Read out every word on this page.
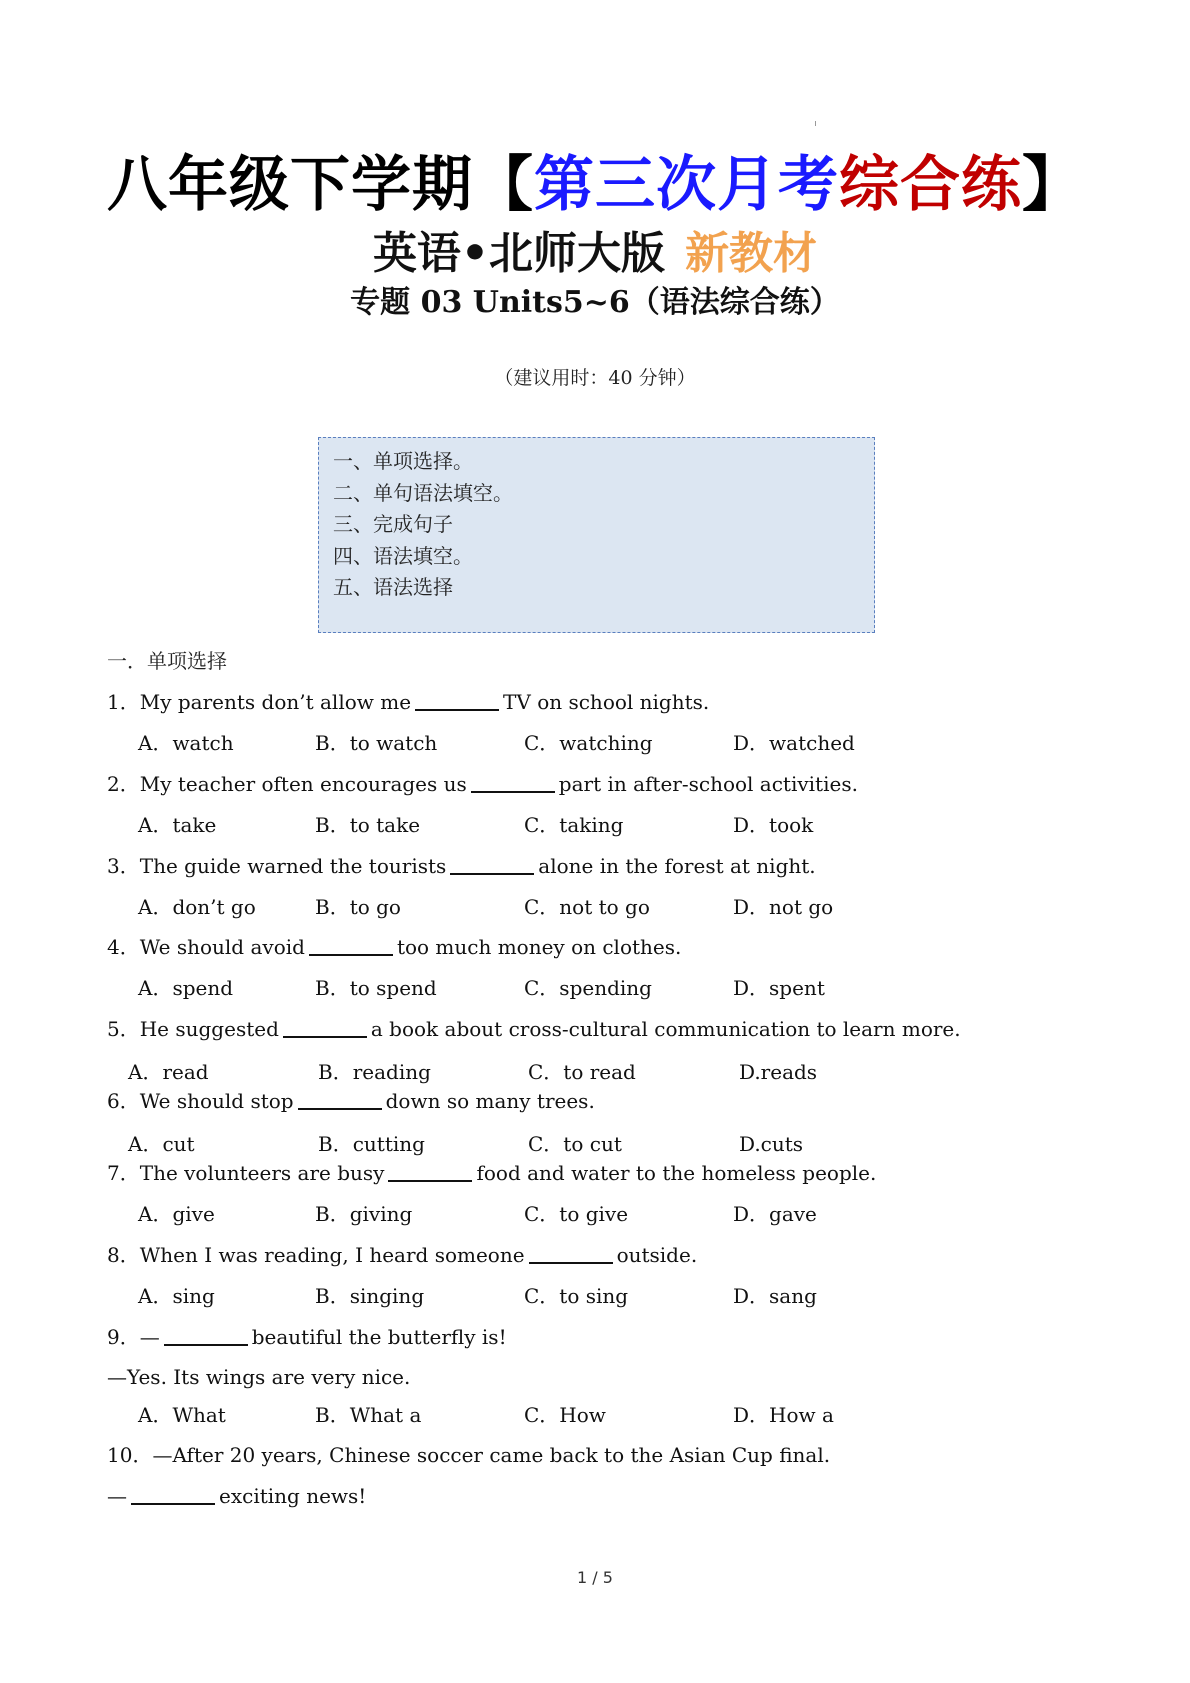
八年级下学期【第三次月考综合练】
英语•北师大版 新教材
专题 03 Units5~6（语法综合练）
（建议用时：40 分钟）
一、单项选择。
二、单句语法填空。
三、完成句子
四、语法填空。
五、语法选择
一．单项选择
1．My parents don’t allow me	TV on school nights.
A．watch	B．to watch	C．watching	D．watched
2．My teacher often encourages us	part in after-school activities.
A．take	B．to take	C．taking	D．took
3．The guide warned the tourists	alone in the forest at night.
A．don’t go	B．to go	C．not to go	D．not go
4．We should avoid	too much money on clothes.
A．spend	B．to spend	C．spending	D．spent
5．He suggested	a book about cross-cultural communication to learn more.
A．read	B．reading	C．to read	D.reads
6．We should stop	down so many trees.
A．cut	B．cutting	C．to cut	D.cuts
7．The volunteers are busy	food and water to the homeless people.
A．give	B．giving	C．to give	D．gave
8．When I was reading, I heard someone	outside.
A．sing	B．singing	C．to sing	D．sang
9．—	beautiful the butterfly is!
—Yes. Its wings are very nice.
A．What	B．What a	C．How	D．How a
10．—After 20 years, Chinese soccer came back to the Asian Cup final.
—	exciting news!
1 / 5
